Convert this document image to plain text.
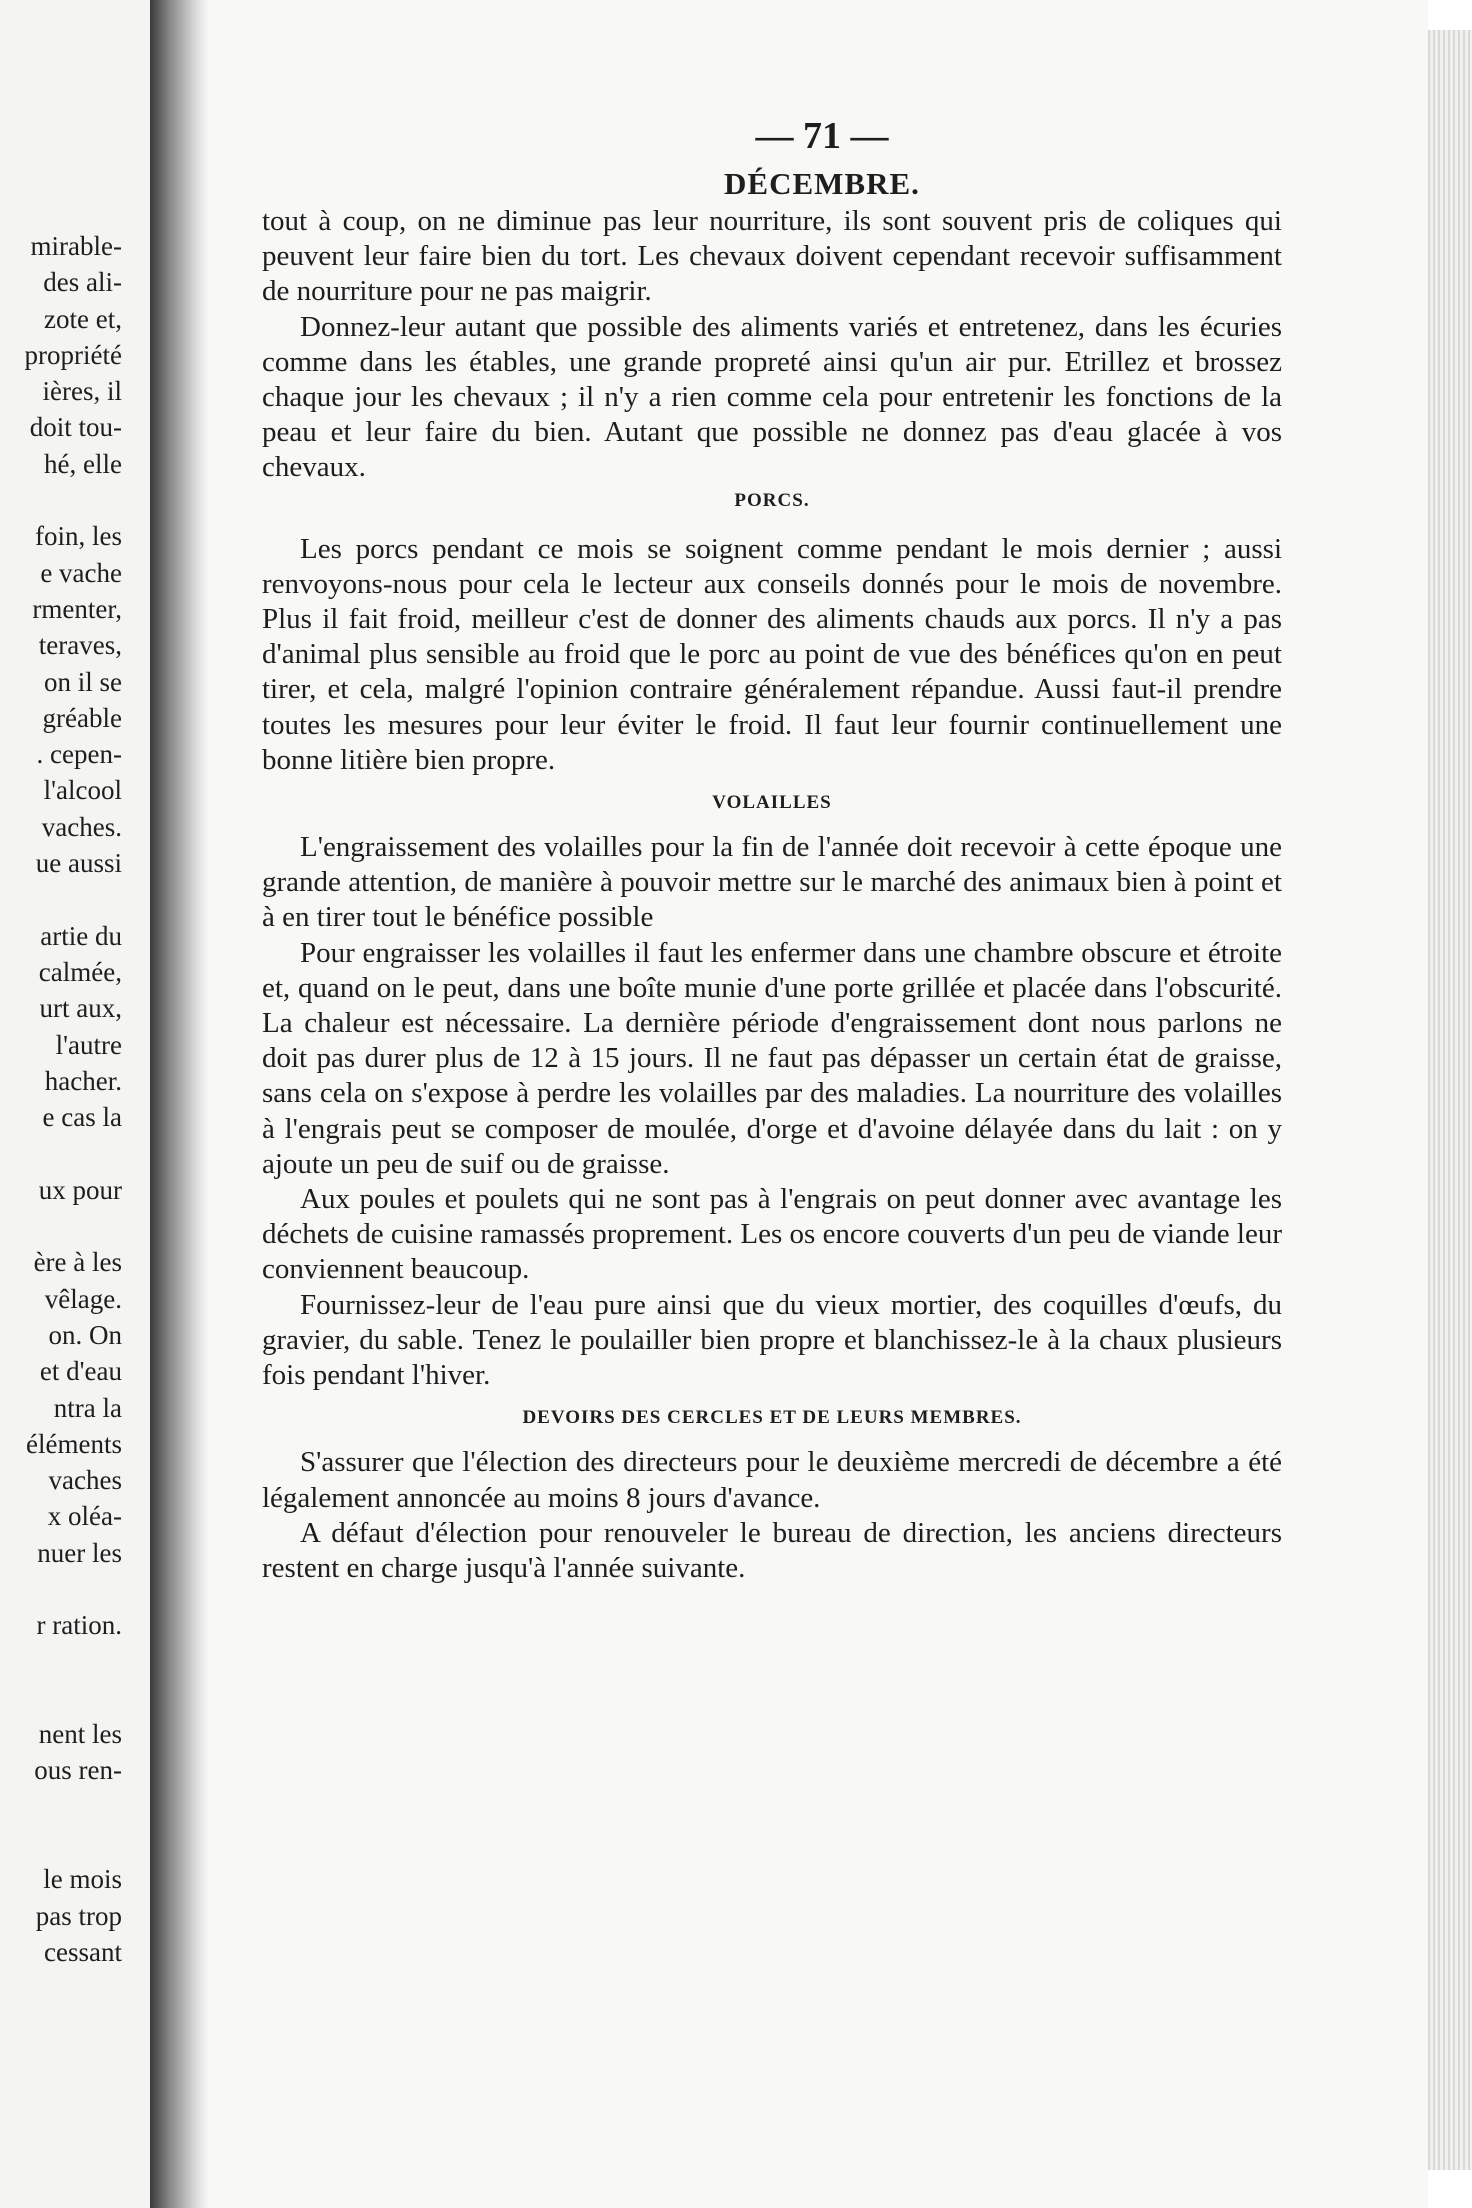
mirable-
des ali-
zote et,
propriété
ières, il
doit tou-
hé, elle
foin, les
e vache
rmenter,
teraves,
on il se
gréable
. cepen-
l'alcool
vaches.
ue aussi
artie du
calmée,
urt aux,
l'autre
hacher.
e cas la
ux pour
ère à les
vêlage.
on. On
et d'eau
ntra la
éléments
vaches
x oléa-
nuer les
r ration.
nent les
ous ren-
le mois
pas trop
cessant
— 71 —
DÉCEMBRE.

tout à coup, on ne diminue pas leur nourriture, ils sont souvent pris de coliques qui peuvent leur faire bien du tort. Les chevaux doivent cependant recevoir suffisamment de nourriture pour ne pas maigrir.

Donnez-leur autant que possible des aliments variés et entretenez, dans les écuries comme dans les étables, une grande propreté ainsi qu'un air pur. Etrillez et brossez chaque jour les chevaux ; il n'y a rien comme cela pour entretenir les fonctions de la peau et leur faire du bien. Autant que possible ne donnez pas d'eau glacée à vos chevaux.

PORCS.

Les porcs pendant ce mois se soignent comme pendant le mois dernier ; aussi renvoyons-nous pour cela le lecteur aux conseils donnés pour le mois de novembre. Plus il fait froid, meilleur c'est de donner des aliments chauds aux porcs. Il n'y a pas d'animal plus sensible au froid que le porc au point de vue des bénéfices qu'on en peut tirer, et cela, malgré l'opinion contraire généralement répandue. Aussi faut-il prendre toutes les mesures pour leur éviter le froid. Il faut leur fournir continuellement une bonne litière bien propre.

VOLAILLES

L'engraissement des volailles pour la fin de l'année doit recevoir à cette époque une grande attention, de manière à pouvoir mettre sur le marché des animaux bien à point et à en tirer tout le bénéfice possible

Pour engraisser les volailles il faut les enfermer dans une chambre obscure et étroite et, quand on le peut, dans une boîte munie d'une porte grillée et placée dans l'obscurité. La chaleur est nécessaire. La dernière période d'engraissement dont nous parlons ne doit pas durer plus de 12 à 15 jours. Il ne faut pas dépasser un certain état de graisse, sans cela on s'expose à perdre les volailles par des maladies. La nourriture des volailles à l'engrais peut se composer de moulée, d'orge et d'avoine délayée dans du lait : on y ajoute un peu de suif ou de graisse.

Aux poules et poulets qui ne sont pas à l'engrais on peut donner avec avantage les déchets de cuisine ramassés proprement. Les os encore couverts d'un peu de viande leur conviennent beaucoup.

Fournissez-leur de l'eau pure ainsi que du vieux mortier, des coquilles d'œufs, du gravier, du sable. Tenez le poulailler bien propre et blanchissez-le à la chaux plusieurs fois pendant l'hiver.

DEVOIRS DES CERCLES ET DE LEURS MEMBRES.

S'assurer que l'élection des directeurs pour le deuxième mercredi de décembre a été légalement annoncée au moins 8 jours d'avance.

A défaut d'élection pour renouveler le bureau de direction, les anciens directeurs restent en charge jusqu'à l'année suivante.
